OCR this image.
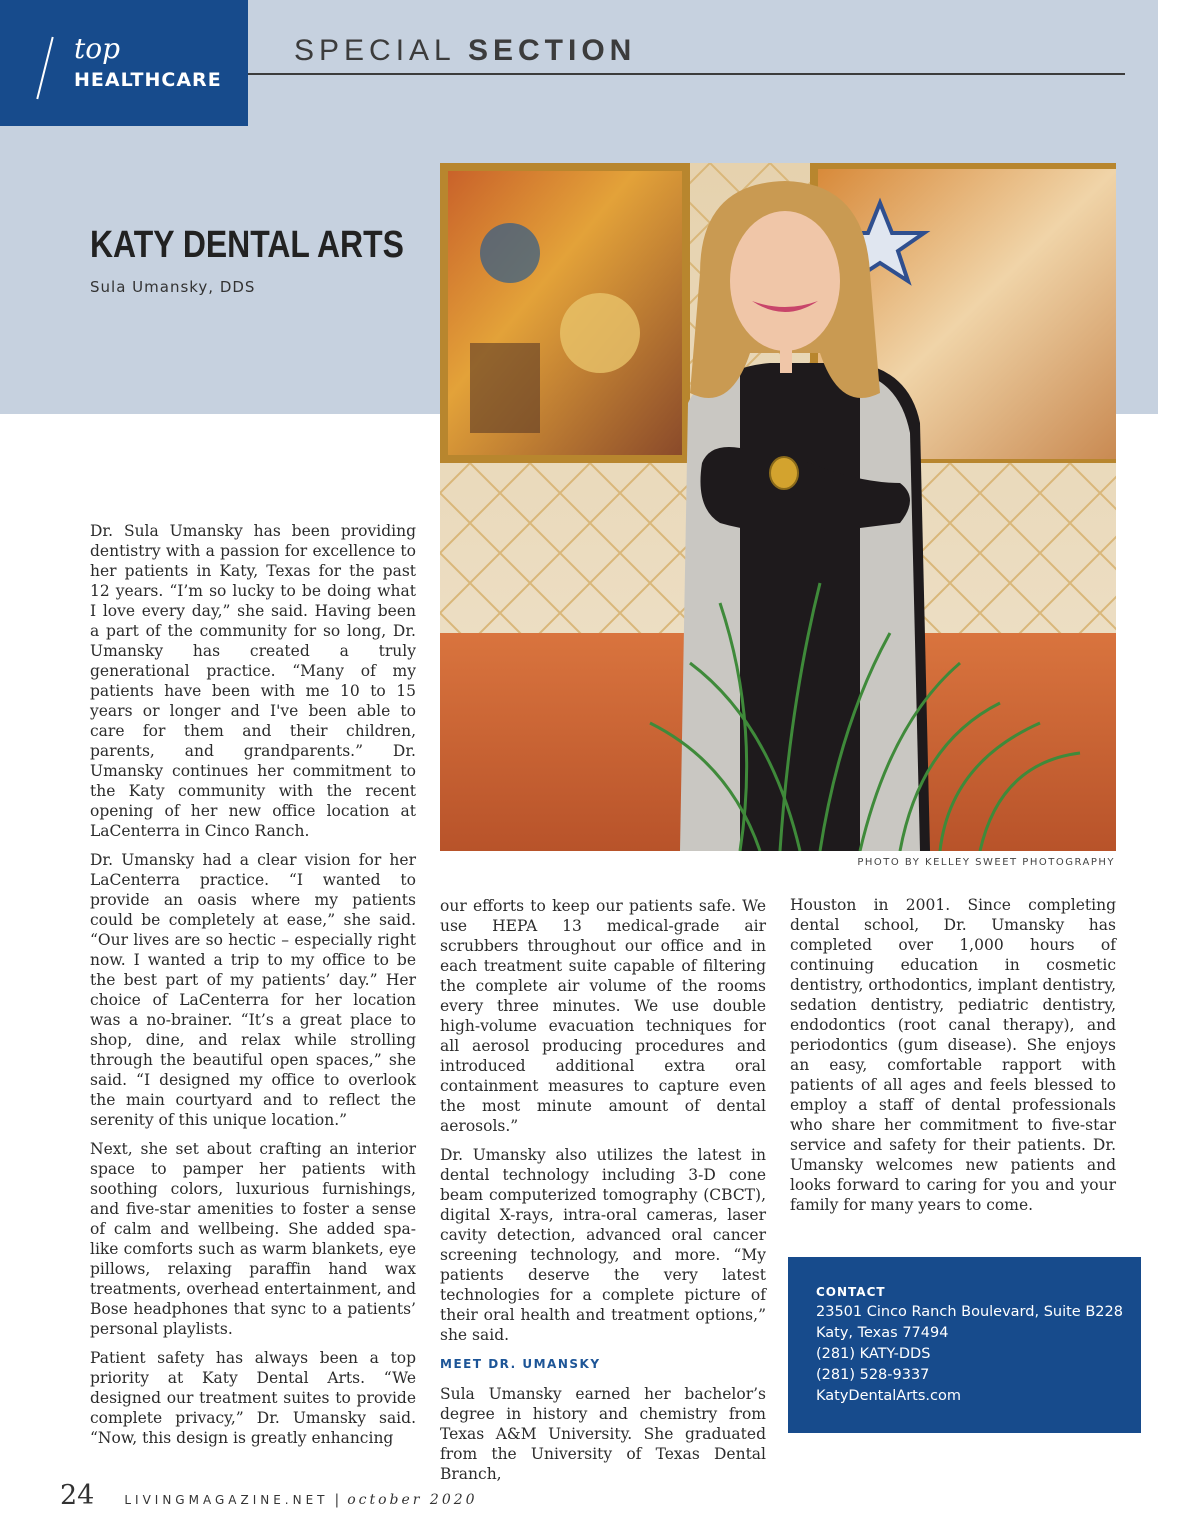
top
HEALTHCARE
SPECIAL SECTION
KATY DENTAL ARTS
Sula Umansky, DDS
PHOTO BY KELLEY SWEET PHOTOGRAPHY

Dr. Sula Umansky has been providing dentistry with a passion for excellence to her patients in Katy, Texas for the past 12 years. “I’m so lucky to be doing what I love every day,” she said. Having been a part of the community for so long, Dr. Umansky has created a truly generational practice. “Many of my patients have been with me 10 to 15 years or longer and I've been able to care for them and their children, parents, and grandparents.” Dr. Umansky continues her commitment to the Katy community with the recent opening of her new office location at LaCenterra in Cinco Ranch.

Dr. Umansky had a clear vision for her LaCenterra practice. “I wanted to provide an oasis where my patients could be completely at ease,” she said. “Our lives are so hectic – especially right now. I wanted a trip to my office to be the best part of my patients’ day.” Her choice of LaCenterra for her location was a no-brainer. “It’s a great place to shop, dine, and relax while strolling through the beautiful open spaces,” she said. “I designed my office to overlook the main courtyard and to reflect the serenity of this unique location.”

Next, she set about crafting an interior space to pamper her patients with soothing colors, luxurious furnishings, and five-star amenities to foster a sense of calm and wellbeing. She added spa-like comforts such as warm blankets, eye pillows, relaxing paraffin hand wax treatments, overhead entertainment, and Bose headphones that sync to a patients’ personal playlists.

Patient safety has always been a top priority at Katy Dental Arts. “We designed our treatment suites to provide complete privacy,” Dr. Umansky said. “Now, this design is greatly enhancing

our efforts to keep our patients safe. We use HEPA 13 medical-grade air scrubbers throughout our office and in each treatment suite capable of filtering the complete air volume of the rooms every three minutes. We use double high-volume evacuation techniques for all aerosol producing procedures and introduced additional extra oral containment measures to capture even the most minute amount of dental aerosols.”

Dr. Umansky also utilizes the latest in dental technology including 3-D cone beam computerized tomography (CBCT), digital X-rays, intra-oral cameras, laser cavity detection, advanced oral cancer screening technology, and more. “My patients deserve the very latest technologies for a complete picture of their oral health and treatment options,” she said.

MEET DR. UMANSKY

Sula Umansky earned her bachelor’s degree in history and chemistry from Texas A&M University. She graduated from the University of Texas Dental Branch,

Houston in 2001. Since completing dental school, Dr. Umansky has completed over 1,000 hours of continuing education in cosmetic dentistry, orthodontics, implant dentistry, sedation dentistry, pediatric dentistry, endodontics (root canal therapy), and periodontics (gum disease). She enjoys an easy, comfortable rapport with patients of all ages and feels blessed to employ a staff of dental professionals who share her commitment to five-star service and safety for their patients. Dr. Umansky welcomes new patients and looks forward to caring for you and your family for many years to come.

CONTACT
23501 Cinco Ranch Boulevard, Suite B228
Katy, Texas 77494
(281) KATY-DDS
(281) 528-9337
KatyDentalArts.com
24	LIVINGMAGAZINE.NET | october 2020
